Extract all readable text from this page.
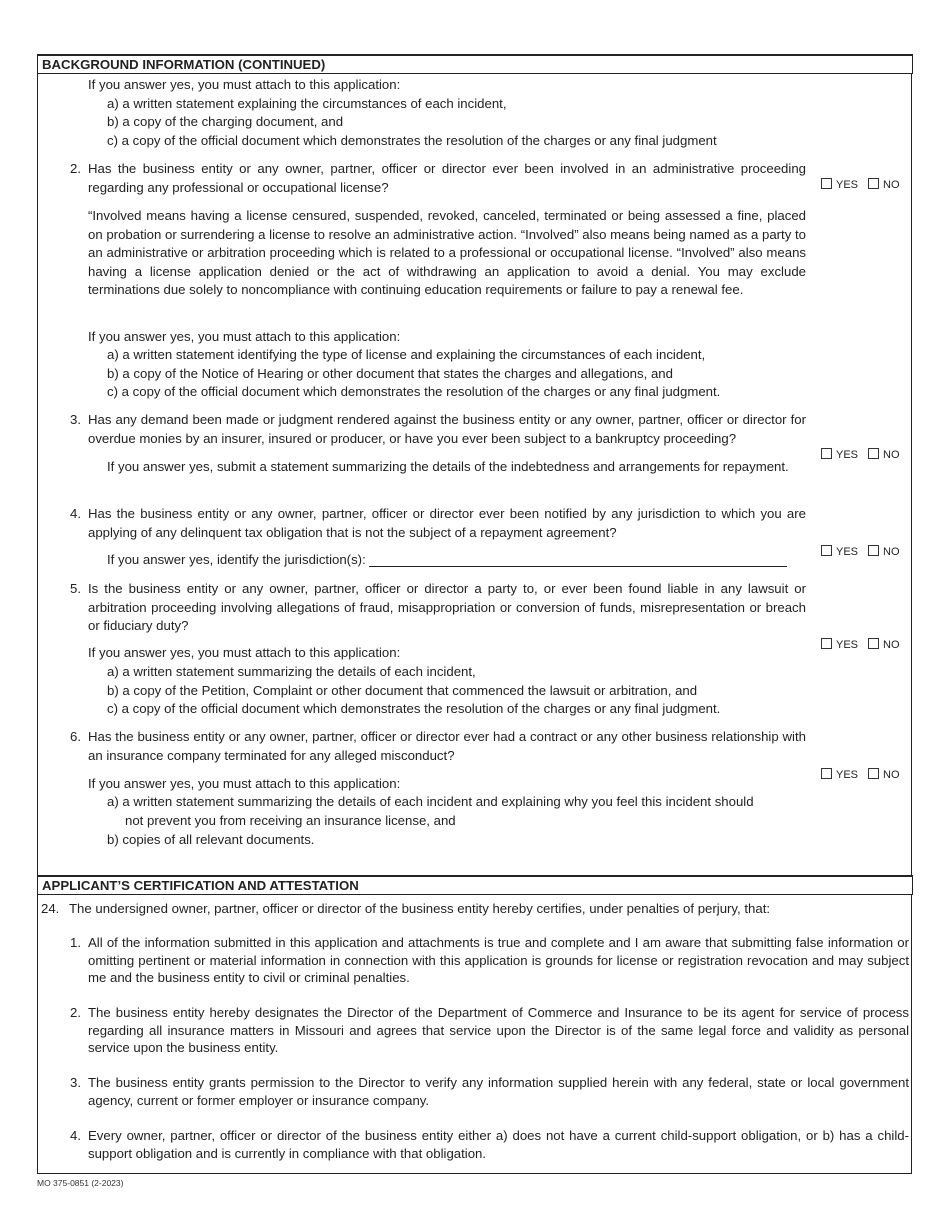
BACKGROUND INFORMATION (CONTINUED)
If you answer yes, you must attach to this application:
a) a written statement explaining the circumstances of each incident,
b) a copy of the charging document, and
c) a copy of the official document which demonstrates the resolution of the charges or any final judgment
2. Has the business entity or any owner, partner, officer or director ever been involved in an administrative proceeding regarding any professional or occupational license?
“Involved means having a license censured, suspended, revoked, canceled, terminated or being assessed a fine, placed on probation or surrendering a license to resolve an administrative action. “Involved” also means being named as a party to an administrative or arbitration proceeding which is related to a professional or occupational license. “Involved” also means having a license application denied or the act of withdrawing an application to avoid a denial. You may exclude terminations due solely to noncompliance with continuing education requirements or failure to pay a renewal fee.
If you answer yes, you must attach to this application:
a) a written statement identifying the type of license and explaining the circumstances of each incident,
b) a copy of the Notice of Hearing or other document that states the charges and allegations, and
c) a copy of the official document which demonstrates the resolution of the charges or any final judgment.
YES NO
3. Has any demand been made or judgment rendered against the business entity or any owner, partner, officer or director for overdue monies by an insurer, insured or producer, or have you ever been subject to a bankruptcy proceeding?
If you answer yes, submit a statement summarizing the details of the indebtedness and arrangements for repayment.
YES NO
4. Has the business entity or any owner, partner, officer or director ever been notified by any jurisdiction to which you are applying of any delinquent tax obligation that is not the subject of a repayment agreement?
If you answer yes, identify the jurisdiction(s):	YES NO
5. Is the business entity or any owner, partner, officer or director a party to, or ever been found liable in any lawsuit or arbitration proceeding involving allegations of fraud, misappropriation or conversion of funds, misrepresentation or breach or fiduciary duty?
If you answer yes, you must attach to this application:
a) a written statement summarizing the details of each incident,
b) a copy of the Petition, Complaint or other document that commenced the lawsuit or arbitration, and
c) a copy of the official document which demonstrates the resolution of the charges or any final judgment.
YES NO
6. Has the business entity or any owner, partner, officer or director ever had a contract or any other business relationship with an insurance company terminated for any alleged misconduct?
If you answer yes, you must attach to this application:
a) a written statement summarizing the details of each incident and explaining why you feel this incident should
not prevent you from receiving an insurance license, and
b) copies of all relevant documents.
YES NO
APPLICANT’S CERTIFICATION AND ATTESTATION
24. The undersigned owner, partner, officer or director of the business entity hereby certifies, under penalties of perjury, that:
1. All of the information submitted in this application and attachments is true and complete and I am aware that submitting false information or omitting pertinent or material information in connection with this application is grounds for license or registration revocation and may subject me and the business entity to civil or criminal penalties.
2. The business entity hereby designates the Director of the Department of Commerce and Insurance to be its agent for service of process regarding all insurance matters in Missouri and agrees that service upon the Director is of the same legal force and validity as personal service upon the business entity.
3. The business entity grants permission to the Director to verify any information supplied herein with any federal, state or local government agency, current or former employer or insurance company.
4. Every owner, partner, officer or director of the business entity either a) does not have a current child-support obligation, or b) has a child-support obligation and is currently in compliance with that obligation.
MO 375-0851 (2-2023)
